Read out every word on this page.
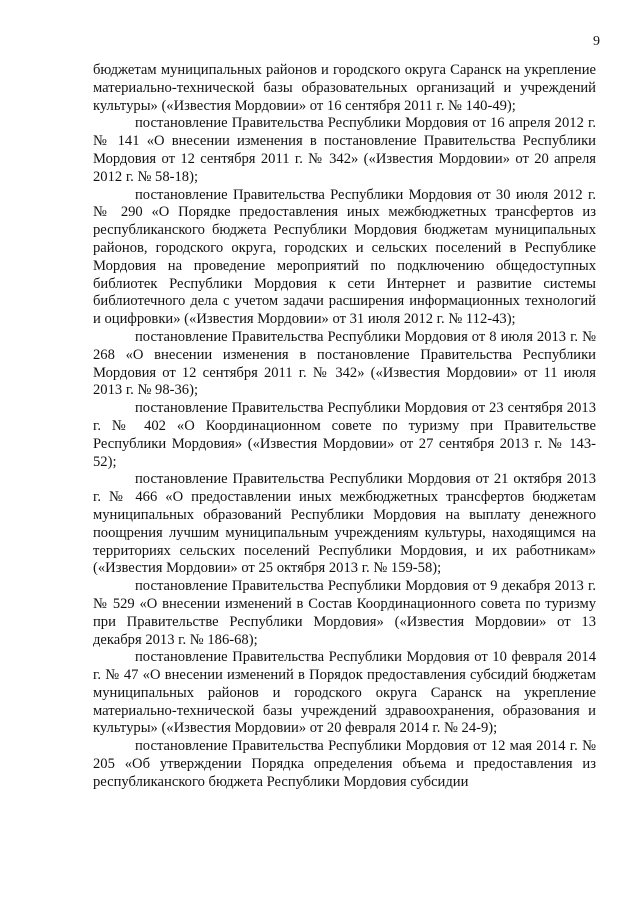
9

бюджетам муниципальных районов и городского округа Саранск на укрепление материально-технической базы образовательных организаций и учреждений культуры» («Известия Мордовии» от 16 сентября 2011 г. № 140-49);

постановление Правительства Республики Мордовия от 16 апреля 2012 г. № 141 «О внесении изменения в постановление Правительства Республики Мордовия от 12 сентября 2011 г. № 342» («Известия Мордовии» от 20 апреля 2012 г. № 58-18);

постановление Правительства Республики Мордовия от 30 июля 2012 г. № 290 «О Порядке предоставления иных межбюджетных трансфертов из республиканского бюджета Республики Мордовия бюджетам муниципальных районов, городского округа, городских и сельских поселений в Республике Мордовия на проведение мероприятий по подключению общедоступных библиотек Республики Мордовия к сети Интернет и развитие системы библиотечного дела с учетом задачи расширения информационных технологий и оцифровки» («Известия Мордовии» от 31 июля 2012 г. № 112-43);

постановление Правительства Республики Мордовия от 8 июля 2013 г. № 268 «О внесении изменения в постановление Правительства Республики Мордовия от 12 сентября 2011 г. № 342» («Известия Мордовии» от 11 июля 2013 г. № 98-36);

постановление Правительства Республики Мордовия от 23 сентября 2013 г. № 402 «О Координационном совете по туризму при Правительстве Республики Мордовия» («Известия Мордовии» от 27 сентября 2013 г. № 143-52);

постановление Правительства Республики Мордовия от 21 октября 2013 г. № 466 «О предоставлении иных межбюджетных трансфертов бюджетам муниципальных образований Республики Мордовия на выплату денежного поощрения лучшим муниципальным учреждениям культуры, находящимся на территориях сельских поселений Республики Мордовия, и их работникам» («Известия Мордовии» от 25 октября 2013 г. № 159-58);

постановление Правительства Республики Мордовия от 9 декабря 2013 г. № 529 «О внесении изменений в Состав Координационного совета по туризму при Правительстве Республики Мордовия» («Известия Мордовии» от 13 декабря 2013 г. № 186-68);

постановление Правительства Республики Мордовия от 10 февраля 2014 г. № 47 «О внесении изменений в Порядок предоставления субсидий бюджетам муниципальных районов и городского округа Саранск на укрепление материально-технической базы учреждений здравоохранения, образования и культуры» («Известия Мордовии» от 20 февраля 2014 г. № 24-9);

постановление Правительства Республики Мордовия от 12 мая 2014 г. № 205 «Об утверждении Порядка определения объема и предоставления из республиканского бюджета Республики Мордовия субсидии
